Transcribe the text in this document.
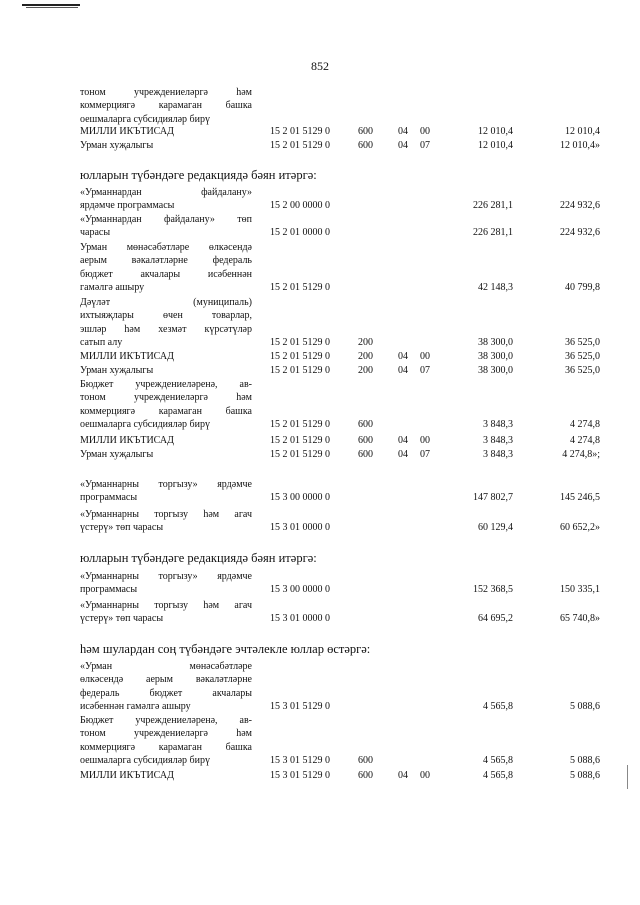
852
тоном учреждениеләргә һәм
коммерциягә карамаган башка
оешмаларга субсидияләр бирү
МИЛЛИ ИКЪТИСАД	15 2 01 5129 0	600	04 00	12 010,4	12 010,4
Урман хуҗалыгы	15 2 01 5129 0	600	04 07	12 010,4	12 010,4»
юлларын түбәндәге редакциядә бәян итәргә:
«Урманнардан файдалану»
ярдәмче программасы	15 2 00 0000 0	226 281,1	224 932,6
«Урманнардан файдалану» төп
чарасы	15 2 01 0000 0	226 281,1	224 932,6
Урман мөнәсәбәтләре өлкәсендә
аерым вәкаләтләрне федераль
бюджет акчалары исәбеннән
гамәлгә ашыру	15 2 01 5129 0	42 148,3	40 799,8
Дәүләт (муниципаль)
ихтыяҗлары өчен товарлар,
эшләр һәм хезмәт күрсәтүләр
сатып алу	15 2 01 5129 0	200	38 300,0	36 525,0
МИЛЛИ ИКЪТИСАД	15 2 01 5129 0	200	04 00	38 300,0	36 525,0
Урман хуҗалыгы	15 2 01 5129 0	200	04 07	38 300,0	36 525,0
Бюджет учреждениеләренә, ав-
тоном учреждениеләргә һәм
коммерциягә карамаган башка
оешмаларга субсидияләр бирү	15 2 01 5129 0	600	3 848,3	4 274,8
МИЛЛИ ИКЪТИСАД	15 2 01 5129 0	600	04 00	3 848,3	4 274,8
Урман хуҗалыгы	15 2 01 5129 0	600	04 07	3 848,3	4 274,8»;
«Урманнарны торгызу» ярдәмче
программасы	15 3 00 0000 0	147 802,7	145 246,5
«Урманнарны торгызу һәм агач
үстерү» төп чарасы	15 3 01 0000 0	60 129,4	60 652,2»
юлларын түбәндәге редакциядә бәян итәргә:
«Урманнарны торгызу» ярдәмче
программасы	15 3 00 0000 0	152 368,5	150 335,1
«Урманнарны торгызу һәм агач
үстерү» төп чарасы	15 3 01 0000 0	64 695,2	65 740,8»
һәм шулардан соң түбәндәге эчтәлекле юллар өстәргә:
«Урман мөнәсәбәтләре
өлкәсендә аерым вәкаләтләрне
федераль бюджет акчалары
исәбеннән гамәлгә ашыру	15 3 01 5129 0	4 565,8	5 088,6
Бюджет учреждениеләренә, ав-
тоном учреждениеләргә һәм
коммерциягә карамаган башка
оешмаларга субсидияләр бирү	15 3 01 5129 0	600	4 565,8	5 088,6
МИЛЛИ ИКЪТИСАД	15 3 01 5129 0	600	04 00	4 565,8	5 088,6
